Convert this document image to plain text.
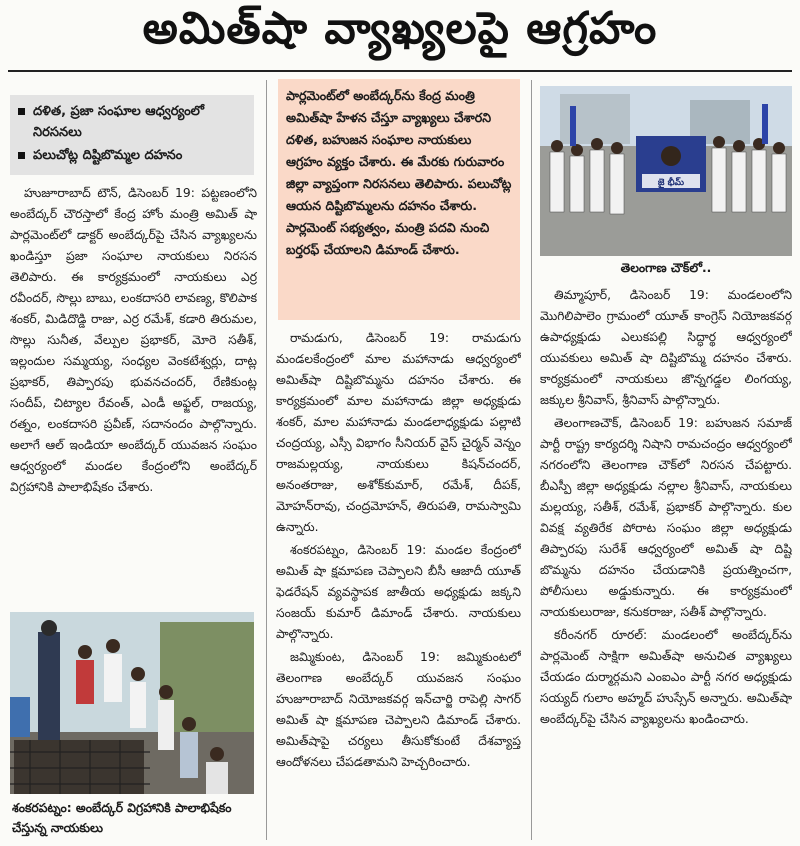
అమిత్‌షా వ్యాఖ్యలపై ఆగ్రహం
దళిత, ప్రజా సంఘాల ఆధ్వర్యంలో నిరసనలు
పలుచోట్ల దిష్టిబొమ్మల దహనం

హుజూరాబాద్ టౌన్, డిసెంబర్ 19: పట్టణంలోని అంబేద్కర్ చౌరస్తాలో కేంద్ర హోం మంత్రి అమిత్ షా పార్లమెంట్‌లో డాక్టర్ అంబేద్కర్‌పై చేసిన వ్యాఖ్యలను ఖండిస్తూ ప్రజా సంఘాల నాయకులు నిరసన తెలిపారు. ఈ కార్యక్రమంలో నాయకులు ఎర్ర రవీందర్, సొల్లు బాబు, లంకదాసరి లావణ్య, కొలిపాక శంకర్, మిడిదొడ్డి రాజు, ఎర్ర రమేశ్, కడారి తిరుమల, సొల్లు సునీత, వేల్పుల ప్రభాకర్, మోరె సతీశ్, ఇల్లందుల సమ్మయ్య, సంధ్యల వెంకటేశ్వర్లు, దాట్ల ప్రభాకర్, తిప్పారపు భువనచందర్, రేణికుంట్ల సందీప్, చిట్యాల రేవంత్, ఎండీ అఫ్జల్, రాజయ్య, రత్నం, లంకదాసరి ప్రవీణ్, సదానందం పాల్గొన్నారు. అలాగే ఆల్ ఇండియా అంబేద్కర్ యువజన సంఘం ఆధ్వర్యంలో మండల కేంద్రంలోని అంబేద్కర్ విగ్రహానికి పాలాభిషేకం చేశారు.

పార్లమెంట్‌లో అంబేద్కర్‌ను కేంద్ర మంత్రి అమిత్‌షా హేళన చేస్తూ వ్యాఖ్యలు చేశారని దళిత, బహుజన సంఘాల నాయకులు ఆగ్రహం వ్యక్తం చేశారు. ఈ మేరకు గురువారం జిల్లా వ్యాప్తంగా నిరసనలు తెలిపారు. పలుచోట్ల ఆయన దిష్టిబొమ్మలను దహనం చేశారు. పార్లమెంట్ సభ్యత్వం, మంత్రి పదవి నుంచి బర్తరఫ్ చేయాలని డిమాండ్ చేశారు.

రామడుగు, డిసెంబర్ 19: రామడుగు మండలకేంద్రంలో మాల మహానాడు ఆధ్వర్యంలో అమిత్‌షా దిష్టిబొమ్మను దహనం చేశారు. ఈ కార్యక్రమంలో మాల మహానాడు జిల్లా అధ్యక్షుడు శంకర్, మాల మహానాడు మండలాధ్యక్షుడు పల్లాటి చంద్రయ్య, ఎస్సీ విభాగం సీనియర్ వైస్ చైర్మన్ వెన్నం రాజమల్లయ్య, నాయకులు కిషన్‌చందర్, అనంతరాజు, అశోక్‌కుమార్, రమేశ్, దీపక్, మోహన్‌రావు, చంద్రమోహన్, తిరుపతి, రామస్వామి ఉన్నారు.

శంకరపట్నం, డిసెంబర్ 19: మండల కేంద్రంలో అమిత్ షా క్షమాపణ చెప్పాలని బీసీ ఆజాదీ యూత్ ఫెడరేషన్ వ్యవస్థాపక జాతీయ అధ్యక్షుడు జక్కని సంజయ్ కుమార్ డిమాండ్ చేశారు. నాయకులు పాల్గొన్నారు.

జమ్మికుంట, డిసెంబర్ 19: జమ్మికుంటలో తెలంగాణ అంబేద్కర్ యువజన సంఘం హుజూరాబాద్ నియోజకవర్గ ఇన్‌చార్జి రాపెల్లి సాగర్ అమిత్ షా క్షమాపణ చెప్పాలని డిమాండ్ చేశారు. అమిత్‌షాపై చర్యలు తీసుకోకుంటే దేశవ్యాప్త ఆందోళనలు చేపడతామని హెచ్చరించారు.

జై భీమ్
తెలంగాణ చౌక్‌లో..

తిమ్మాపూర్, డిసెంబర్ 19: మండలంలోని మొగిలిపాలెం గ్రామంలో యూత్ కాంగ్రెస్ నియోజకవర్గ ఉపాధ్యక్షుడు ఎలుకపల్లి సిద్ధార్థ ఆధ్వర్యంలో యువకులు అమిత్ షా దిష్టిబొమ్మ దహనం చేశారు. కార్యక్రమంలో నాయకులు జొన్నగడ్డల లింగయ్య, జక్కుల శ్రీనివాస్, శ్రీనివాస్ పాల్గొన్నారు.

తెలంగాణచౌక్, డిసెంబర్ 19: బహుజన సమాజ్ పార్టీ రాష్ట్ర కార్యదర్శి నిషాని రామచంద్రం ఆధ్వర్యంలో నగరంలోని తెలంగాణ చౌక్‌లో నిరసన చేపట్టారు. బీఎస్పీ జిల్లా అధ్యక్షుడు నల్లాల శ్రీనివాస్, నాయకులు మల్లయ్య, సతీశ్, రమేశ్, ప్రభాకర్ పాల్గొన్నారు. కుల వివక్ష వ్యతిరేక పోరాట సంఘం జిల్లా అధ్యక్షుడు తిప్పారపు సురేశ్ ఆధ్వర్యంలో అమిత్ షా దిష్టి బొమ్మను దహనం చేయడానికి ప్రయత్నించగా, పోలీసులు అడ్డుకున్నారు. ఈ కార్యక్రమంలో నాయకులురాజు, కనుకరాజు, సతీశ్ పాల్గొన్నారు.

కరీంనగర్ రూరల్: మండలంలో అంబేద్కర్‌ను పార్లమెంట్ సాక్షిగా అమిత్‌షా అనుచిత వ్యాఖ్యలు చేయడం దుర్మార్గమని ఎంఐఎం పార్టీ నగర అధ్యక్షుడు సయ్యద్ గులాం అహ్మద్ హుస్సేన్ అన్నారు. అమిత్‌షా అంబేద్కర్‌పై చేసిన వ్యాఖ్యలను ఖండించారు.

శంకరపట్నం: అంబేద్కర్ విగ్రహానికి పాలాభిషేకం చేస్తున్న నాయకులు
